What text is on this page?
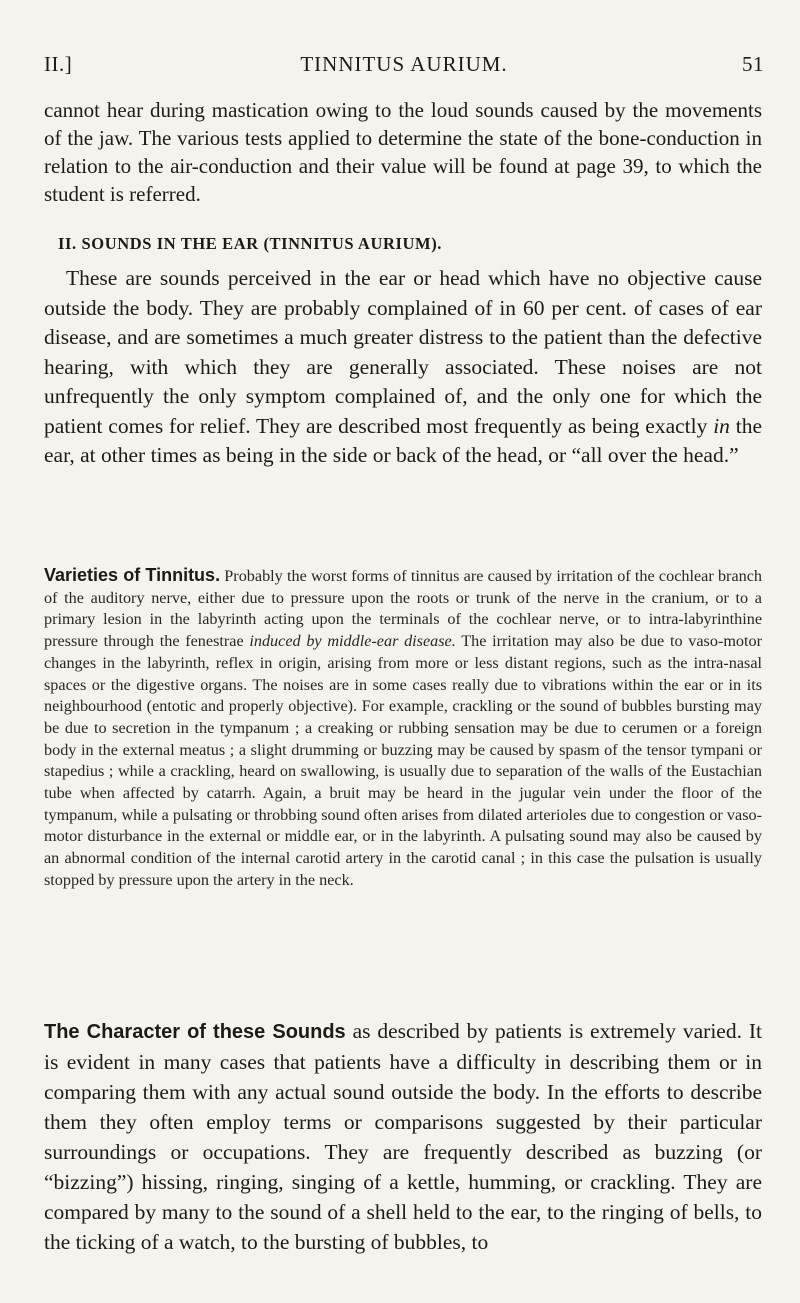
II.]	TINNITUS AURIUM.	51

cannot hear during mastication owing to the loud sounds caused by the movements of the jaw. The various tests applied to determine the state of the bone-conduction in relation to the air-conduction and their value will be found at page 39, to which the student is referred.

II. SOUNDS IN THE EAR (TINNITUS AURIUM).

These are sounds perceived in the ear or head which have no objective cause outside the body. They are probably complained of in 60 per cent. of cases of ear disease, and are sometimes a much greater distress to the patient than the defective hearing, with which they are generally associated. These noises are not unfrequently the only symptom complained of, and the only one for which the patient comes for relief. They are described most frequently as being exactly in the ear, at other times as being in the side or back of the head, or “all over the head.”

Varieties of Tinnitus. Probably the worst forms of tinnitus are caused by irritation of the cochlear branch of the auditory nerve, either due to pressure upon the roots or trunk of the nerve in the cranium, or to a primary lesion in the labyrinth acting upon the terminals of the cochlear nerve, or to intra-labyrinthine pressure through the fenestrae induced by middle-ear disease. The irritation may also be due to vaso-motor changes in the labyrinth, reflex in origin, arising from more or less distant regions, such as the intra-nasal spaces or the digestive organs. The noises are in some cases really due to vibrations within the ear or in its neighbourhood (entotic and properly objective). For example, crackling or the sound of bubbles bursting may be due to secretion in the tympanum ; a creaking or rubbing sensation may be due to cerumen or a foreign body in the external meatus ; a slight drumming or buzzing may be caused by spasm of the tensor tympani or stapedius ; while a crackling, heard on swallowing, is usually due to separation of the walls of the Eustachian tube when affected by catarrh. Again, a bruit may be heard in the jugular vein under the floor of the tympanum, while a pulsating or throbbing sound often arises from dilated arterioles due to congestion or vaso-motor disturbance in the external or middle ear, or in the labyrinth. A pulsating sound may also be caused by an abnormal condition of the internal carotid artery in the carotid canal ; in this case the pulsation is usually stopped by pressure upon the artery in the neck.

The Character of these Sounds as described by patients is extremely varied. It is evident in many cases that patients have a difficulty in describing them or in comparing them with any actual sound outside the body. In the efforts to describe them they often employ terms or comparisons suggested by their particular surroundings or occupations. They are frequently described as buzzing (or “bizzing”) hissing, ringing, singing of a kettle, humming, or crackling. They are compared by many to the sound of a shell held to the ear, to the ringing of bells, to the ticking of a watch, to the bursting of bubbles, to
